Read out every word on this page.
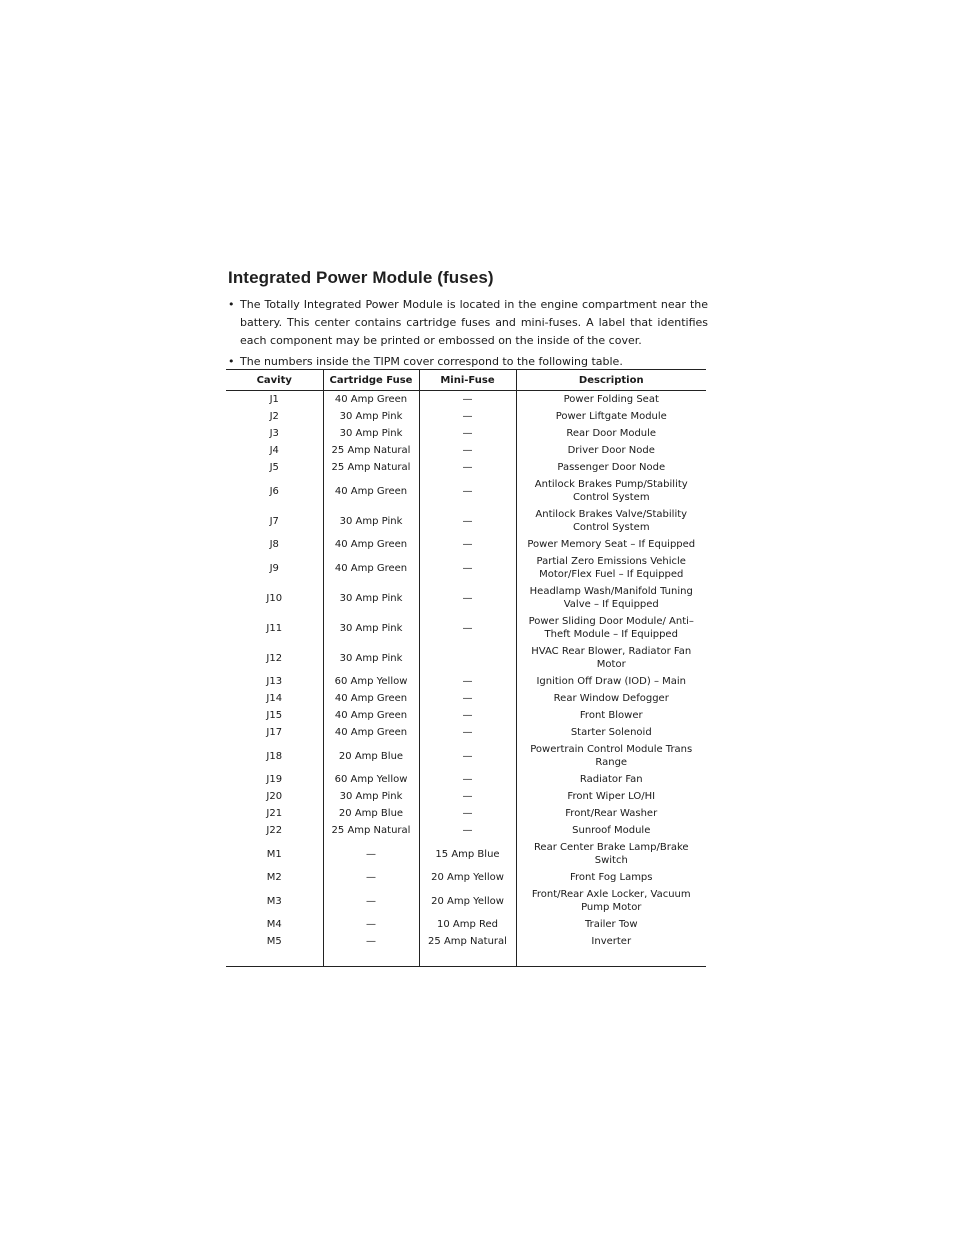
Integrated Power Module (fuses)
• The Totally Integrated Power Module is located in the engine compartment near the battery. This center contains cartridge fuses and mini-fuses. A label that identifies each component may be printed or embossed on the inside of the cover.
• The numbers inside the TIPM cover correspond to the following table.
Cavity	Cartridge Fuse	Mini-Fuse	Description
J1	40 Amp Green	—	Power Folding Seat
J2	30 Amp Pink	—	Power Liftgate Module
J3	30 Amp Pink	—	Rear Door Module
J4	25 Amp Natural	—	Driver Door Node
J5	25 Amp Natural	—	Passenger Door Node
J6	40 Amp Green	—	Antilock Brakes Pump/Stability Control System
J7	30 Amp Pink	—	Antilock Brakes Valve/Stability Control System
J8	40 Amp Green	—	Power Memory Seat – If Equipped
J9	40 Amp Green	—	Partial Zero Emissions Vehicle Motor/Flex Fuel – If Equipped
J10	30 Amp Pink	—	Headlamp Wash/Manifold Tuning Valve – If Equipped
J11	30 Amp Pink	—	Power Sliding Door Module/ Anti–Theft Module – If Equipped
J12	30 Amp Pink		HVAC Rear Blower, Radiator Fan Motor
J13	60 Amp Yellow	—	Ignition Off Draw (IOD) – Main
J14	40 Amp Green	—	Rear Window Defogger
J15	40 Amp Green	—	Front Blower
J17	40 Amp Green	—	Starter Solenoid
J18	20 Amp Blue	—	Powertrain Control Module Trans Range
J19	60 Amp Yellow	—	Radiator Fan
J20	30 Amp Pink	—	Front Wiper LO/HI
J21	20 Amp Blue	—	Front/Rear Washer
J22	25 Amp Natural	—	Sunroof Module
M1	—	15 Amp Blue	Rear Center Brake Lamp/Brake Switch
M2	—	20 Amp Yellow	Front Fog Lamps
M3	—	20 Amp Yellow	Front/Rear Axle Locker, Vacuum Pump Motor
M4	—	10 Amp Red	Trailer Tow
M5	—	25 Amp Natural	Inverter
